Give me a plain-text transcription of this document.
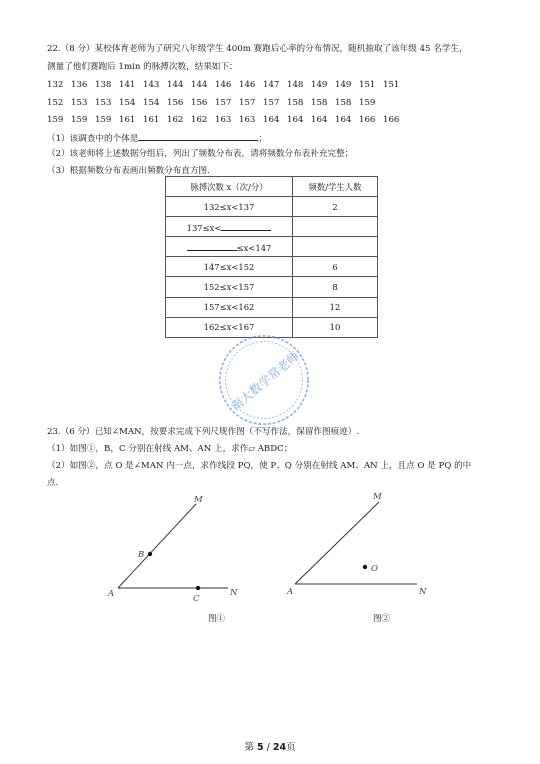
22.（8 分）某校体育老师为了研究八年级学生 400m 赛跑后心率的分布情况，随机抽取了该年级 45 名学生，
测量了他们赛跑后 1min 的脉搏次数，结果如下：
132 136 138 141 143 144 144 146 146 147 148 149 149 151 151
152 153 153 154 154 156 156 157 157 157 158 158 158 159
159 159 159 161 161 162 162 163 163 164 164 164 164 166 166
（1）该调查中的个体是	；
（2）该老师将上述数据分组后，列出了频数分布表，请将频数分布表补充完整；
（3）根据频数分布表画出频数分布直方图.
脉搏次数 x（次/分）	频数/学生人数
132≤x<137	2
137≤x<	
≤x<147	
147≤x<152	6
152≤x<157	8
157≤x<162	12
162≤x<167	10
南大数学常老师
23.（6 分）已知∠MAN，按要求完成下列尺规作图（不写作法，保留作图痕迹）.
（1）如图①，B，C 分别在射线 AM、AN 上，求作▱ ABDC；
（2）如图②，点 O 是∠MAN 内一点，求作线段 PQ，使 P、Q 分别在射线 AM、AN 上，且点 O 是 PQ 的中
点.
M
B
A	C
N
图①
M
O
A	N
图②
第 5 / 24页
